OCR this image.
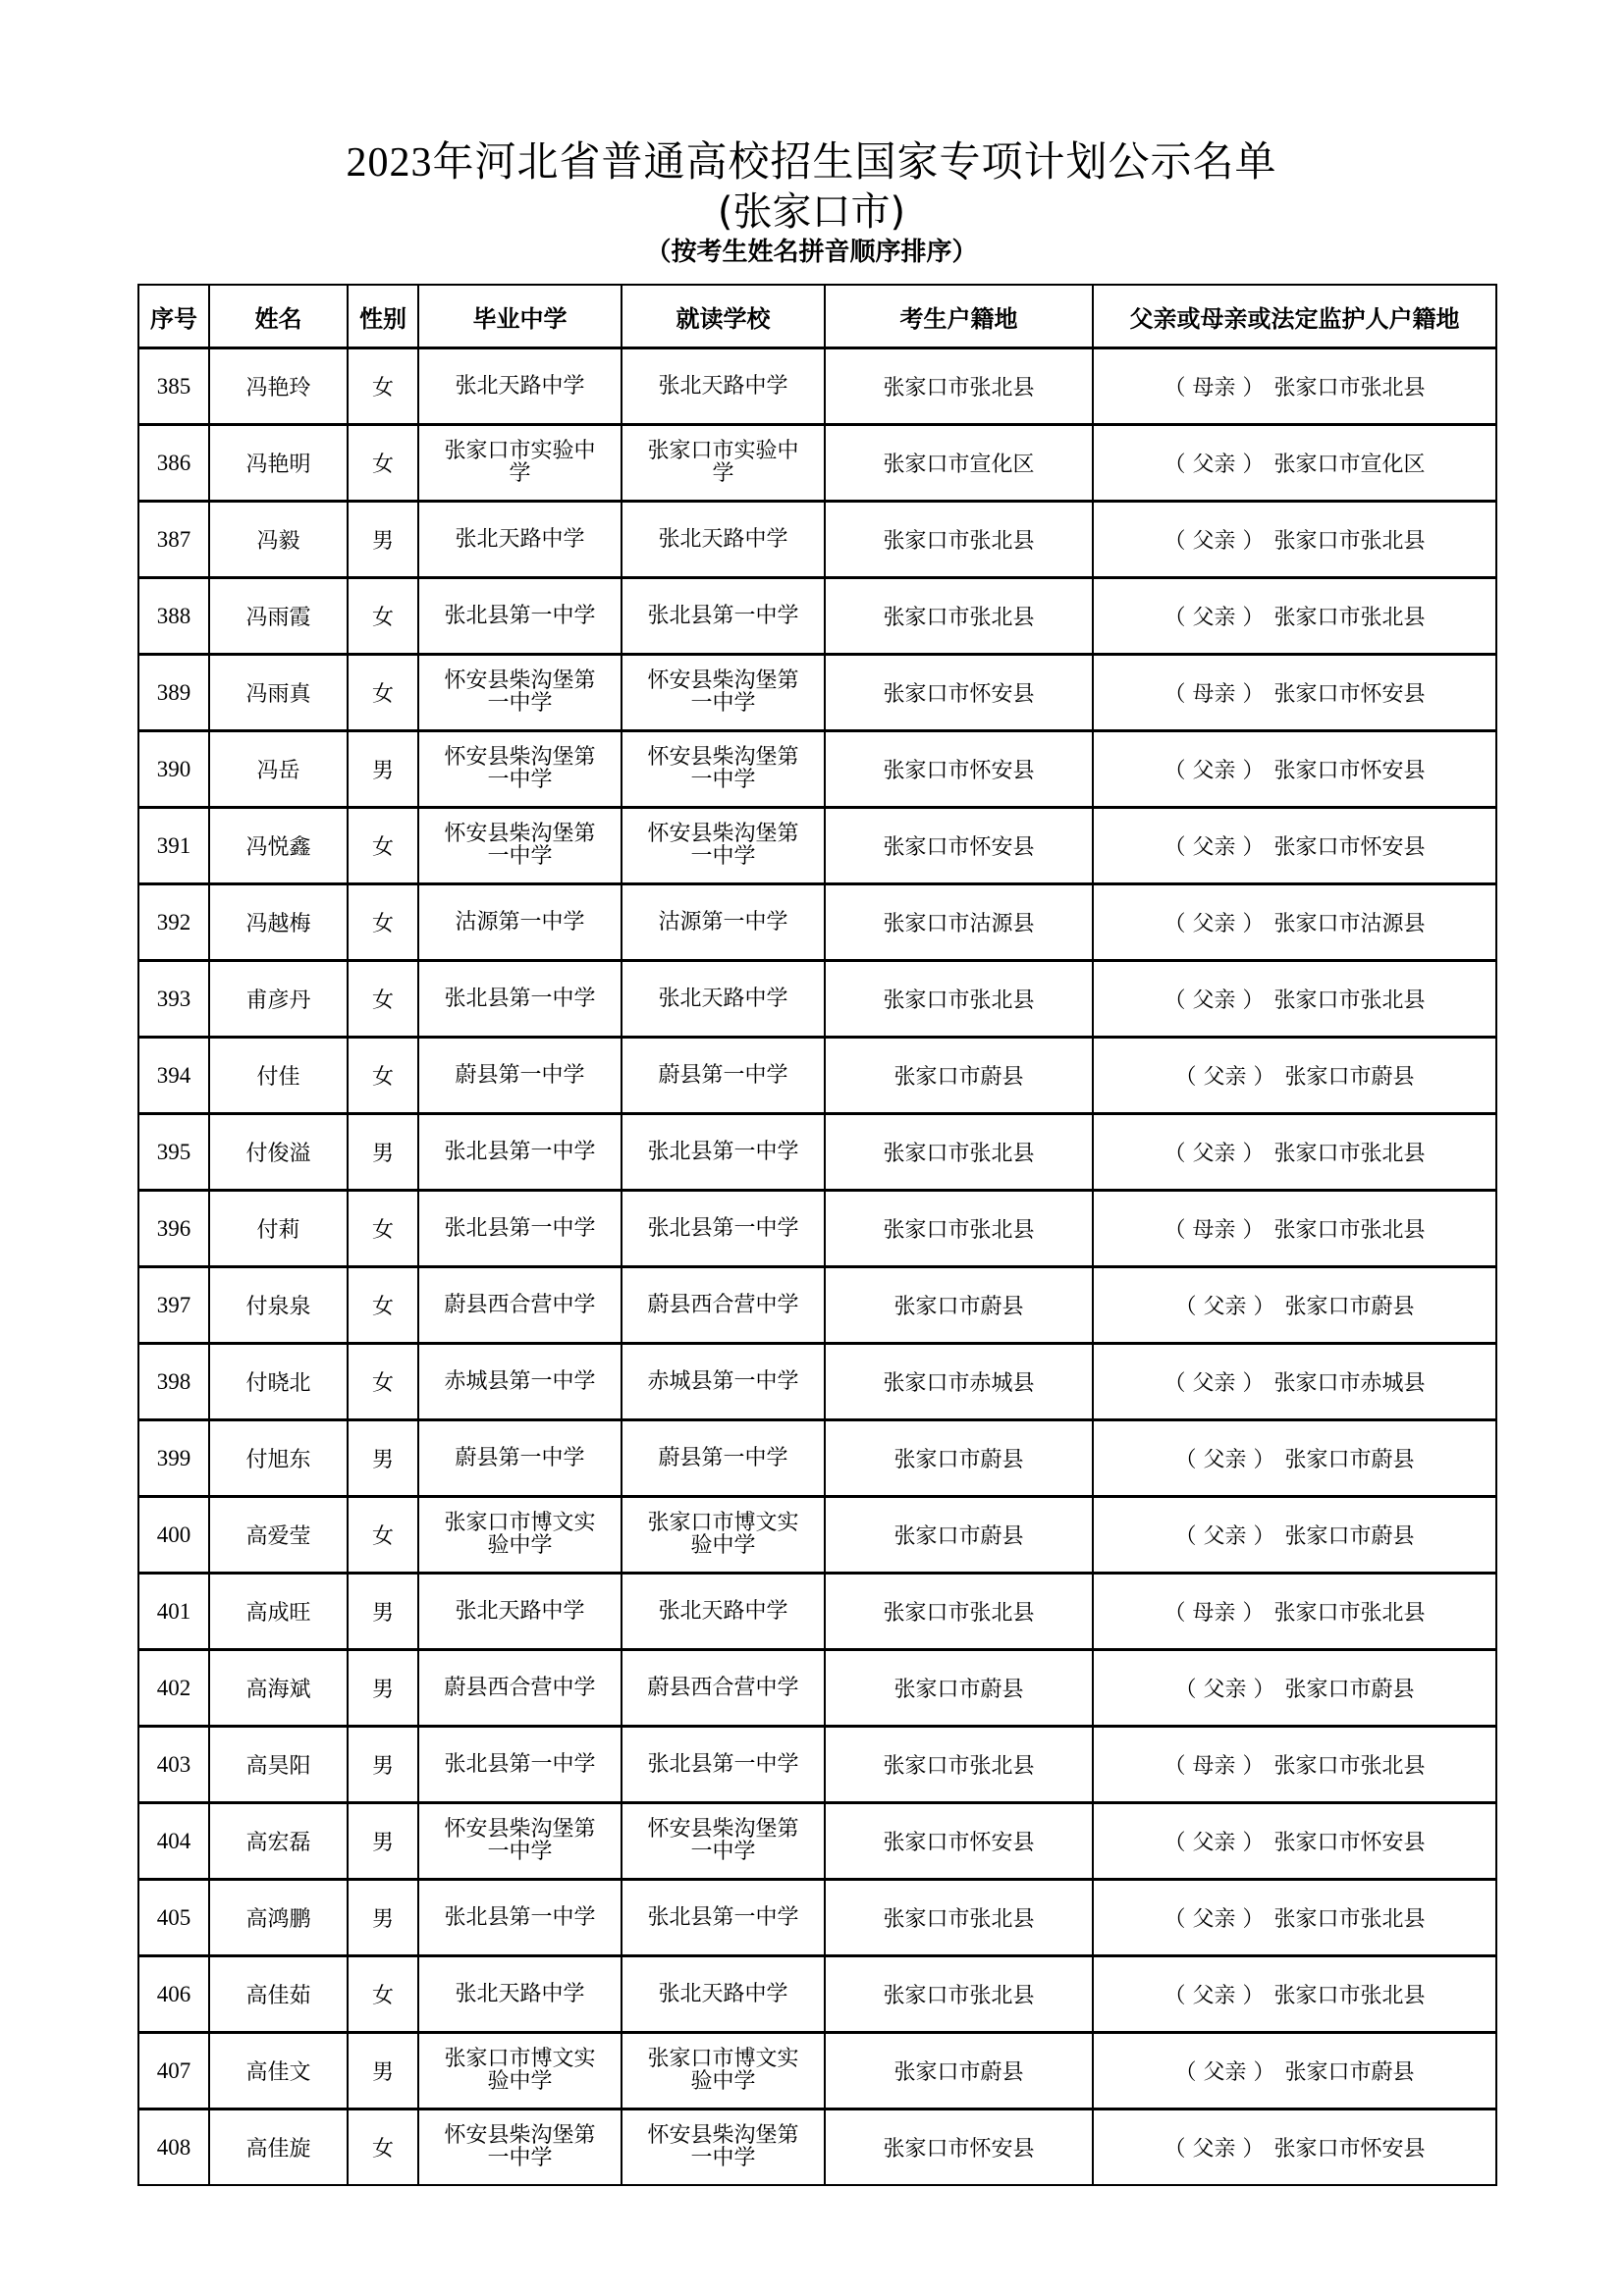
2023年河北省普通高校招生国家专项计划公示名单
(张家口市)
（按考生姓名拼音顺序排序）
序号	姓名	性别	毕业中学	就读学校	考生户籍地	父亲或母亲或法定监护人户籍地
385	冯艳玲	女	张北天路中学	张北天路中学	张家口市张北县	（ 母亲 ） 张家口市张北县
386	冯艳明	女	张家口市实验中学	张家口市实验中学	张家口市宣化区	（ 父亲 ） 张家口市宣化区
387	冯毅	男	张北天路中学	张北天路中学	张家口市张北县	（ 父亲 ） 张家口市张北县
388	冯雨霞	女	张北县第一中学	张北县第一中学	张家口市张北县	（ 父亲 ） 张家口市张北县
389	冯雨真	女	怀安县柴沟堡第一中学	怀安县柴沟堡第一中学	张家口市怀安县	（ 母亲 ） 张家口市怀安县
390	冯岳	男	怀安县柴沟堡第一中学	怀安县柴沟堡第一中学	张家口市怀安县	（ 父亲 ） 张家口市怀安县
391	冯悦鑫	女	怀安县柴沟堡第一中学	怀安县柴沟堡第一中学	张家口市怀安县	（ 父亲 ） 张家口市怀安县
392	冯越梅	女	沽源第一中学	沽源第一中学	张家口市沽源县	（ 父亲 ） 张家口市沽源县
393	甫彦丹	女	张北县第一中学	张北天路中学	张家口市张北县	（ 父亲 ） 张家口市张北县
394	付佳	女	蔚县第一中学	蔚县第一中学	张家口市蔚县	（ 父亲 ） 张家口市蔚县
395	付俊溢	男	张北县第一中学	张北县第一中学	张家口市张北县	（ 父亲 ） 张家口市张北县
396	付莉	女	张北县第一中学	张北县第一中学	张家口市张北县	（ 母亲 ） 张家口市张北县
397	付泉泉	女	蔚县西合营中学	蔚县西合营中学	张家口市蔚县	（ 父亲 ） 张家口市蔚县
398	付晓北	女	赤城县第一中学	赤城县第一中学	张家口市赤城县	（ 父亲 ） 张家口市赤城县
399	付旭东	男	蔚县第一中学	蔚县第一中学	张家口市蔚县	（ 父亲 ） 张家口市蔚县
400	高爱莹	女	张家口市博文实验中学	张家口市博文实验中学	张家口市蔚县	（ 父亲 ） 张家口市蔚县
401	高成旺	男	张北天路中学	张北天路中学	张家口市张北县	（ 母亲 ） 张家口市张北县
402	高海斌	男	蔚县西合营中学	蔚县西合营中学	张家口市蔚县	（ 父亲 ） 张家口市蔚县
403	高昊阳	男	张北县第一中学	张北县第一中学	张家口市张北县	（ 母亲 ） 张家口市张北县
404	高宏磊	男	怀安县柴沟堡第一中学	怀安县柴沟堡第一中学	张家口市怀安县	（ 父亲 ） 张家口市怀安县
405	高鸿鹏	男	张北县第一中学	张北县第一中学	张家口市张北县	（ 父亲 ） 张家口市张北县
406	高佳茹	女	张北天路中学	张北天路中学	张家口市张北县	（ 父亲 ） 张家口市张北县
407	高佳文	男	张家口市博文实验中学	张家口市博文实验中学	张家口市蔚县	（ 父亲 ） 张家口市蔚县
408	高佳旋	女	怀安县柴沟堡第一中学	怀安县柴沟堡第一中学	张家口市怀安县	（ 父亲 ） 张家口市怀安县
